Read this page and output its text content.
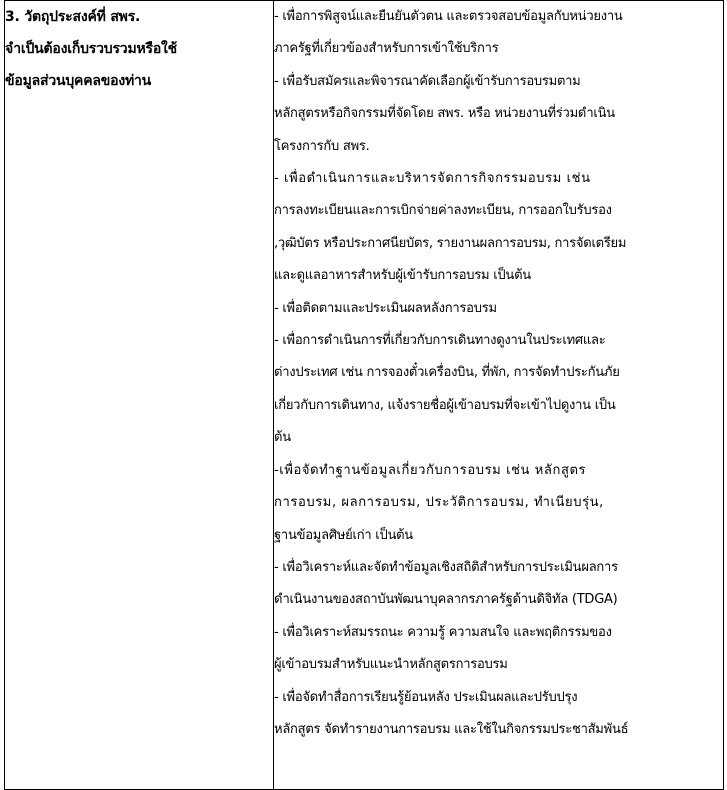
3. วัตถุประสงค์ที่ สพร.
จำเป็นต้องเก็บรวบรวมหรือใช้
ข้อมูลส่วนบุคคลของท่าน

- เพื่อการพิสูจน์และยืนยันตัวตน และตรวจสอบข้อมูลกับหน่วยงาน
ภาครัฐที่เกี่ยวข้องสำหรับการเข้าใช้บริการ
- เพื่อรับสมัครและพิจารณาคัดเลือกผู้เข้ารับการอบรมตาม
หลักสูตรหรือกิจกรรมที่จัดโดย สพร. หรือ หน่วยงานที่ร่วมดำเนิน
โครงการกับ สพร.
- เพื่อดำเนินการและบริหารจัดการกิจกรรมอบรม เช่น
การลงทะเบียนและการเบิกจ่ายค่าลงทะเบียน, การออกใบรับรอง
,วุฒิบัตร หรือประกาศนียบัตร, รายงานผลการอบรม, การจัดเตรียม
และดูแลอาหารสำหรับผู้เข้ารับการอบรม เป็นต้น
- เพื่อติดตามและประเมินผลหลังการอบรม
- เพื่อการดำเนินการที่เกี่ยวกับการเดินทางดูงานในประเทศและ
ต่างประเทศ เช่น การจองตั๋วเครื่องบิน, ที่พัก, การจัดทำประกันภัย
เกี่ยวกับการเดินทาง, แจ้งรายชื่อผู้เข้าอบรมที่จะเข้าไปดูงาน เป็น
ต้น
-เพื่อจัดทำฐานข้อมูลเกี่ยวกับการอบรม เช่น หลักสูตร
การอบรม, ผลการอบรม, ประวัติการอบรม, ทำเนียบรุ่น,
ฐานข้อมูลศิษย์เก่า เป็นต้น
- เพื่อวิเคราะห์และจัดทำข้อมูลเชิงสถิติสำหรับการประเมินผลการ
ดำเนินงานของสถาบันพัฒนาบุคลากรภาครัฐด้านดิจิทัล (TDGA)
- เพื่อวิเคราะห์สมรรถนะ ความรู้ ความสนใจ และพฤติกรรมของ
ผู้เข้าอบรมสำหรับแนะนำหลักสูตรการอบรม
- เพื่อจัดทำสื่อการเรียนรู้ย้อนหลัง ประเมินผลและปรับปรุง
หลักสูตร จัดทำรายงานการอบรม และใช้ในกิจกรรมประชาสัมพันธ์
